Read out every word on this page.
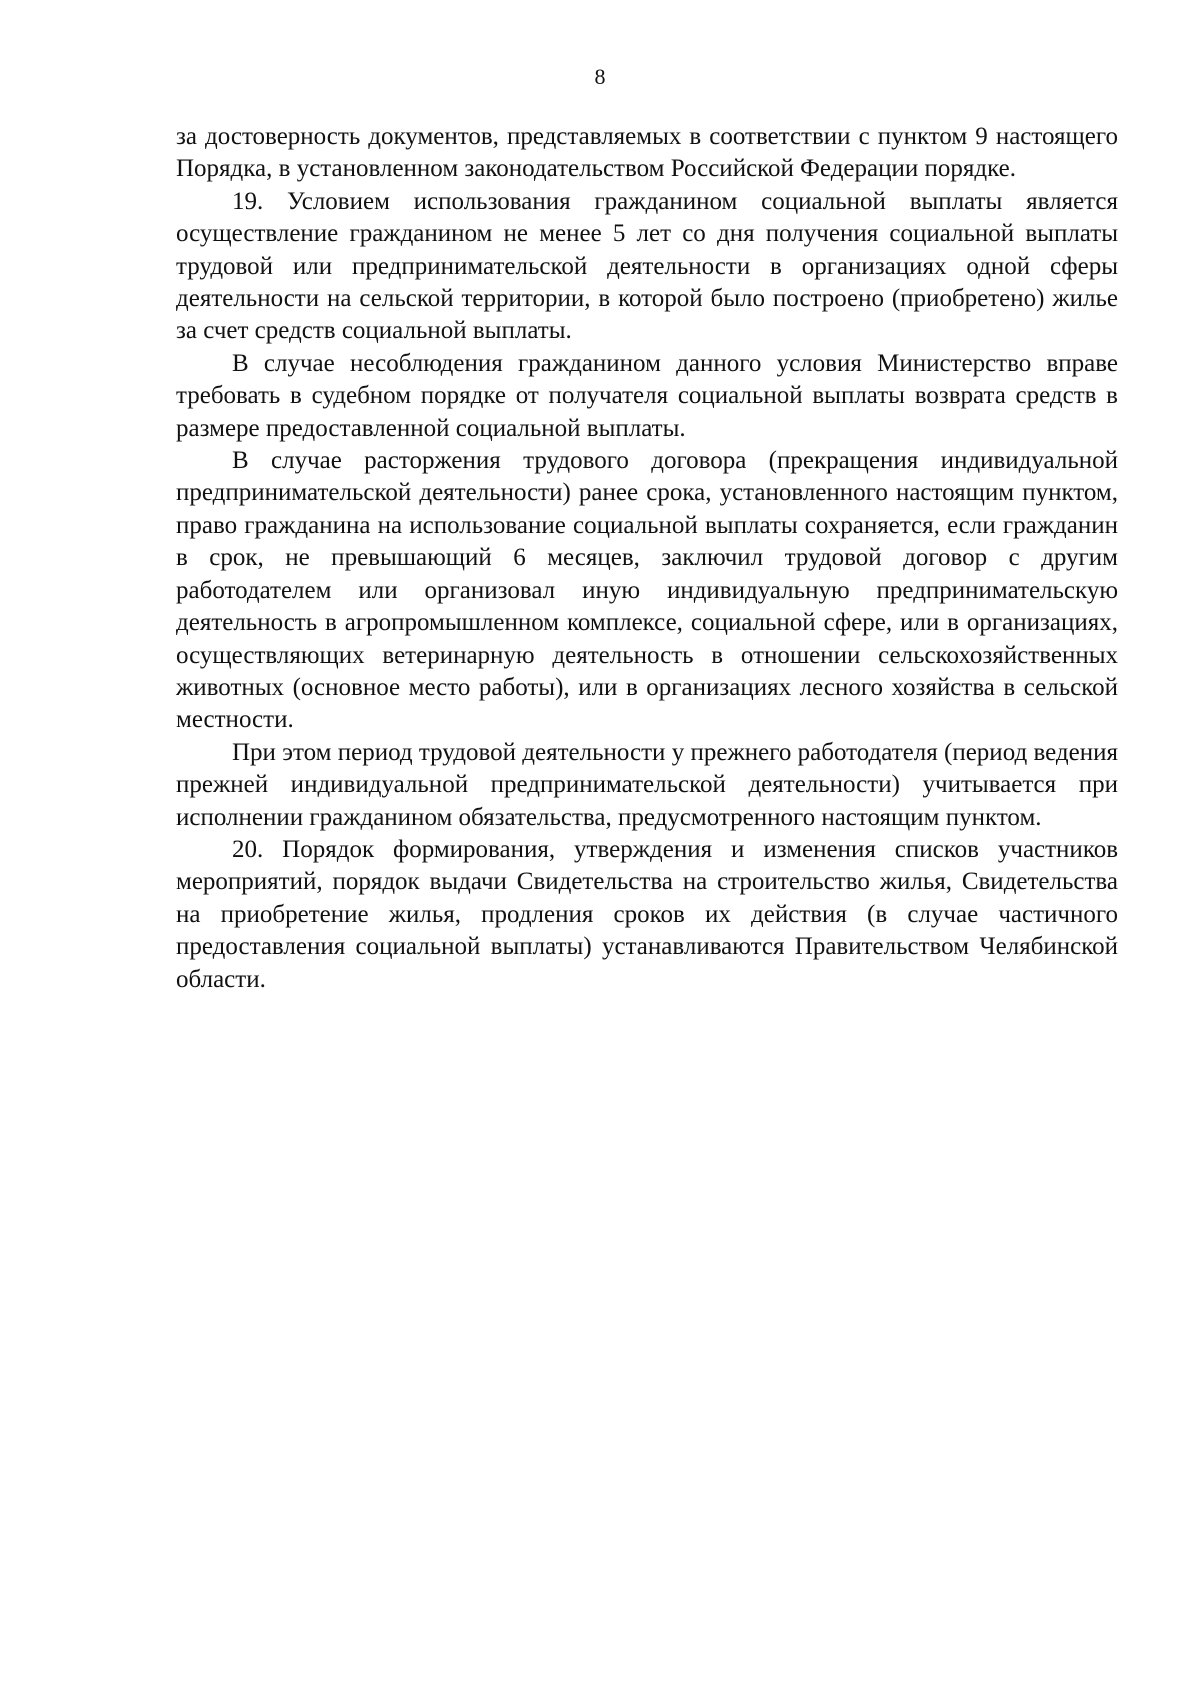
8

за достоверность документов, представляемых в соответствии с пунктом 9 настоящего Порядка, в установленном законодательством Российской Федерации порядке.

19. Условием использования гражданином социальной выплаты является осуществление гражданином не менее 5 лет со дня получения социальной выплаты трудовой или предпринимательской деятельности в организациях одной сферы деятельности на сельской территории, в которой было построено (приобретено) жилье за счет средств социальной выплаты.

В случае несоблюдения гражданином данного условия Министерство вправе требовать в судебном порядке от получателя социальной выплаты возврата средств в размере предоставленной социальной выплаты.

В случае расторжения трудового договора (прекращения индивидуальной предпринимательской деятельности) ранее срока, установленного настоящим пунктом, право гражданина на использование социальной выплаты сохраняется, если гражданин в срок, не превышающий 6 месяцев, заключил трудовой договор с другим работодателем или организовал иную индивидуальную предпринимательскую деятельность в агропромышленном комплексе, социальной сфере, или в организациях, осуществляющих ветеринарную деятельность в отношении сельскохозяйственных животных (основное место работы), или в организациях лесного хозяйства в сельской местности.

При этом период трудовой деятельности у прежнего работодателя (период ведения прежней индивидуальной предпринимательской деятельности) учитывается при исполнении гражданином обязательства, предусмотренного настоящим пунктом.

20. Порядок формирования, утверждения и изменения списков участников мероприятий, порядок выдачи Свидетельства на строительство жилья, Свидетельства на приобретение жилья, продления сроков их действия (в случае частичного предоставления социальной выплаты) устанавливаются Правительством Челябинской области.
